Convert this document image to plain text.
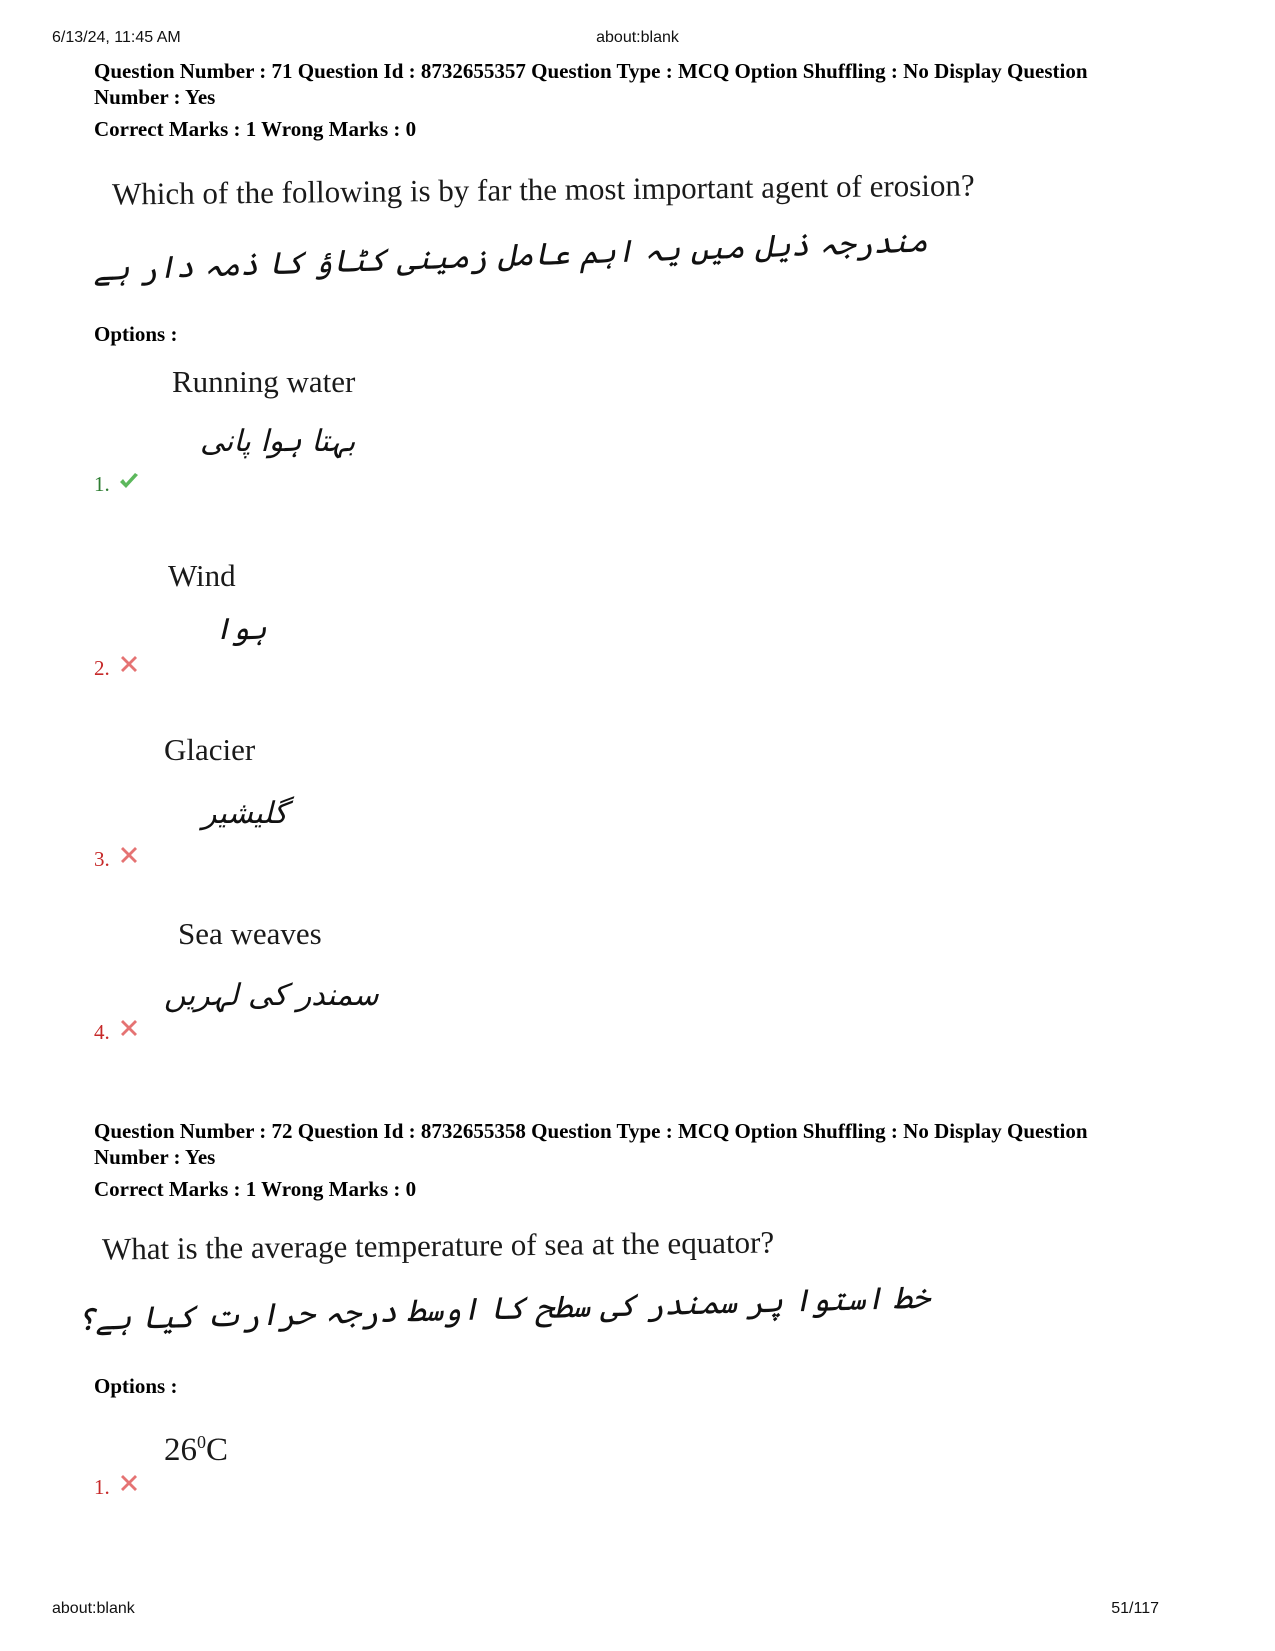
6/13/24, 11:45 AM	about:blank
Question Number : 71 Question Id : 8732655357 Question Type : MCQ Option Shuffling : No Display Question
Number : Yes
Correct Marks : 1 Wrong Marks : 0
Which of the following is by far the most important agent of erosion?
مندرجہ ذیل میں یہ اہم عامل زمینی کٹاؤ کا ذمہ دار ہے
Options :
Running water
بہتا ہوا پانی
1.
Wind
ہوا
2.
Glacier
گلیشیر
3.
Sea weaves
سمندر کی لہریں
4.
Question Number : 72 Question Id : 8732655358 Question Type : MCQ Option Shuffling : No Display Question
Number : Yes
Correct Marks : 1 Wrong Marks : 0
What is the average temperature of sea at the equator?
خط استوا پر سمندر کی سطح کا اوسط درجہ حرارت کیا ہے؟
Options :
$26^0C$
1.
about:blank	51/117
